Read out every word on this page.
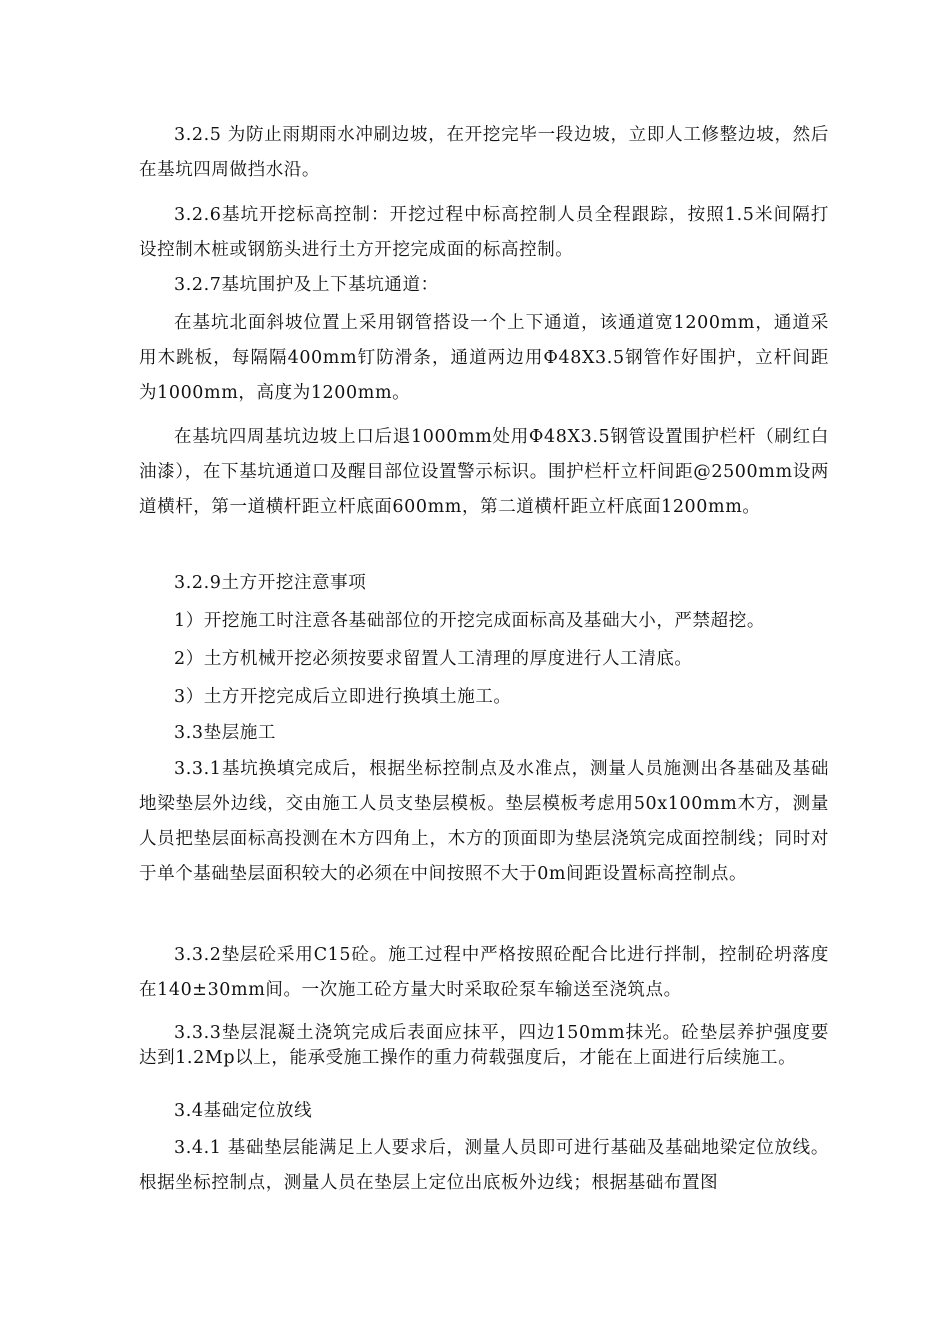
3.2.5 为防止雨期雨水冲刷边坡，在开挖完毕一段边坡，立即人工修整边坡，然后在基坑四周做挡水沿。

3.2.6基坑开挖标高控制：开挖过程中标高控制人员全程跟踪，按照1.5米间隔打设控制木桩或钢筋头进行土方开挖完成面的标高控制。

3.2.7基坑围护及上下基坑通道：

在基坑北面斜坡位置上采用钢管搭设一个上下通道，该通道宽1200mm，通道采用木跳板，每隔隔400mm钉防滑条，通道两边用Ф48X3.5钢管作好围护，立杆间距为1000mm，高度为1200mm。

在基坑四周基坑边坡上口后退1000mm处用Ф48X3.5钢管设置围护栏杆（刷红白油漆），在下基坑通道口及醒目部位设置警示标识。围护栏杆立杆间距@2500mm设两道横杆，第一道横杆距立杆底面600mm，第二道横杆距立杆底面1200mm。

3.2.9土方开挖注意事项

1）开挖施工时注意各基础部位的开挖完成面标高及基础大小，严禁超挖。

2）土方机械开挖必须按要求留置人工清理的厚度进行人工清底。

3）土方开挖完成后立即进行换填土施工。

3.3垫层施工

3.3.1基坑换填完成后，根据坐标控制点及水准点，测量人员施测出各基础及基础地梁垫层外边线，交由施工人员支垫层模板。垫层模板考虑用50x100mm木方，测量人员把垫层面标高投测在木方四角上，木方的顶面即为垫层浇筑完成面控制线；同时对于单个基础垫层面积较大的必须在中间按照不大于0m间距设置标高控制点。

3.3.2垫层砼采用C15砼。施工过程中严格按照砼配合比进行拌制，控制砼坍落度在140±30mm间。一次施工砼方量大时采取砼泵车输送至浇筑点。

3.3.3垫层混凝土浇筑完成后表面应抹平，四边150mm抹光。砼垫层养护强度要达到1.2Mp以上，能承受施工操作的重力荷载强度后，才能在上面进行后续施工。

3.4基础定位放线

3.4.1 基础垫层能满足上人要求后，测量人员即可进行基础及基础地梁定位放线。根据坐标控制点，测量人员在垫层上定位出底板外边线；根据基础布置图
